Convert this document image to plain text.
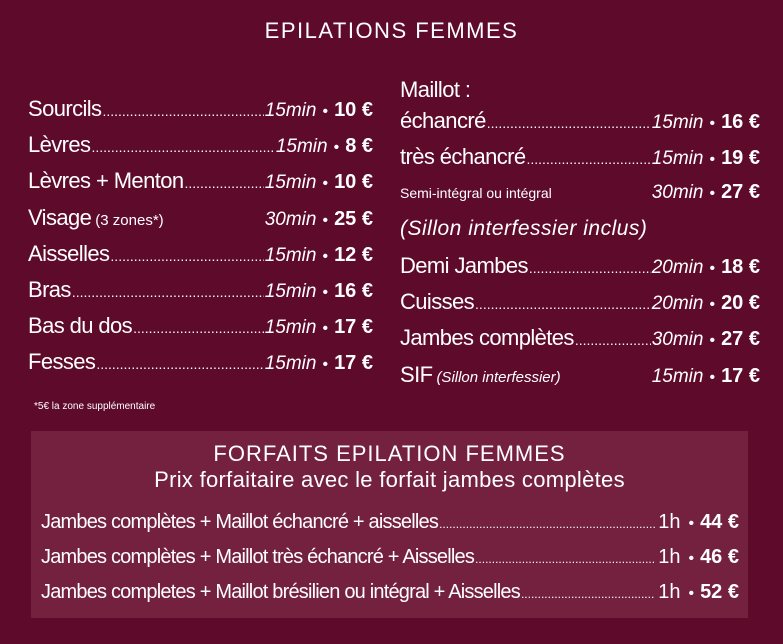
EPILATIONS FEMMES
Sourcils .....	15min • 10 €
Lèvres .....	15min • 8 €
Lèvres + Menton .....	15min • 10 €
Visage (3 zones*)	30min • 25 €
Aisselles .....	15min • 12 €
Bras .....	15min • 16 €
Bas du dos .....	15min • 17 €
Fesses .....	15min • 17 €
*5€ la zone supplémentaire
Maillot :
échancré .....	15min • 16 €
très échancré .....	15min • 19 €
Semi-intégral ou intégral	30min • 27 €
(Sillon interfessier inclus)
Demi Jambes .....	20min • 18 €
Cuisses .....	20min • 20 €
Jambes complètes .....	30min • 27 €
SIF (Sillon interfessier)	15min • 17 €
FORFAITS EPILATION FEMMES
Prix forfaitaire avec le forfait jambes complètes
Jambes complètes + Maillot échancré + aisselles .....	1h • 44 €
Jambes complètes + Maillot très échancré + Aisselles .....	1h • 46 €
Jambes completes + Maillot brésilien ou intégral + Aisselles .....	1h • 52 €
